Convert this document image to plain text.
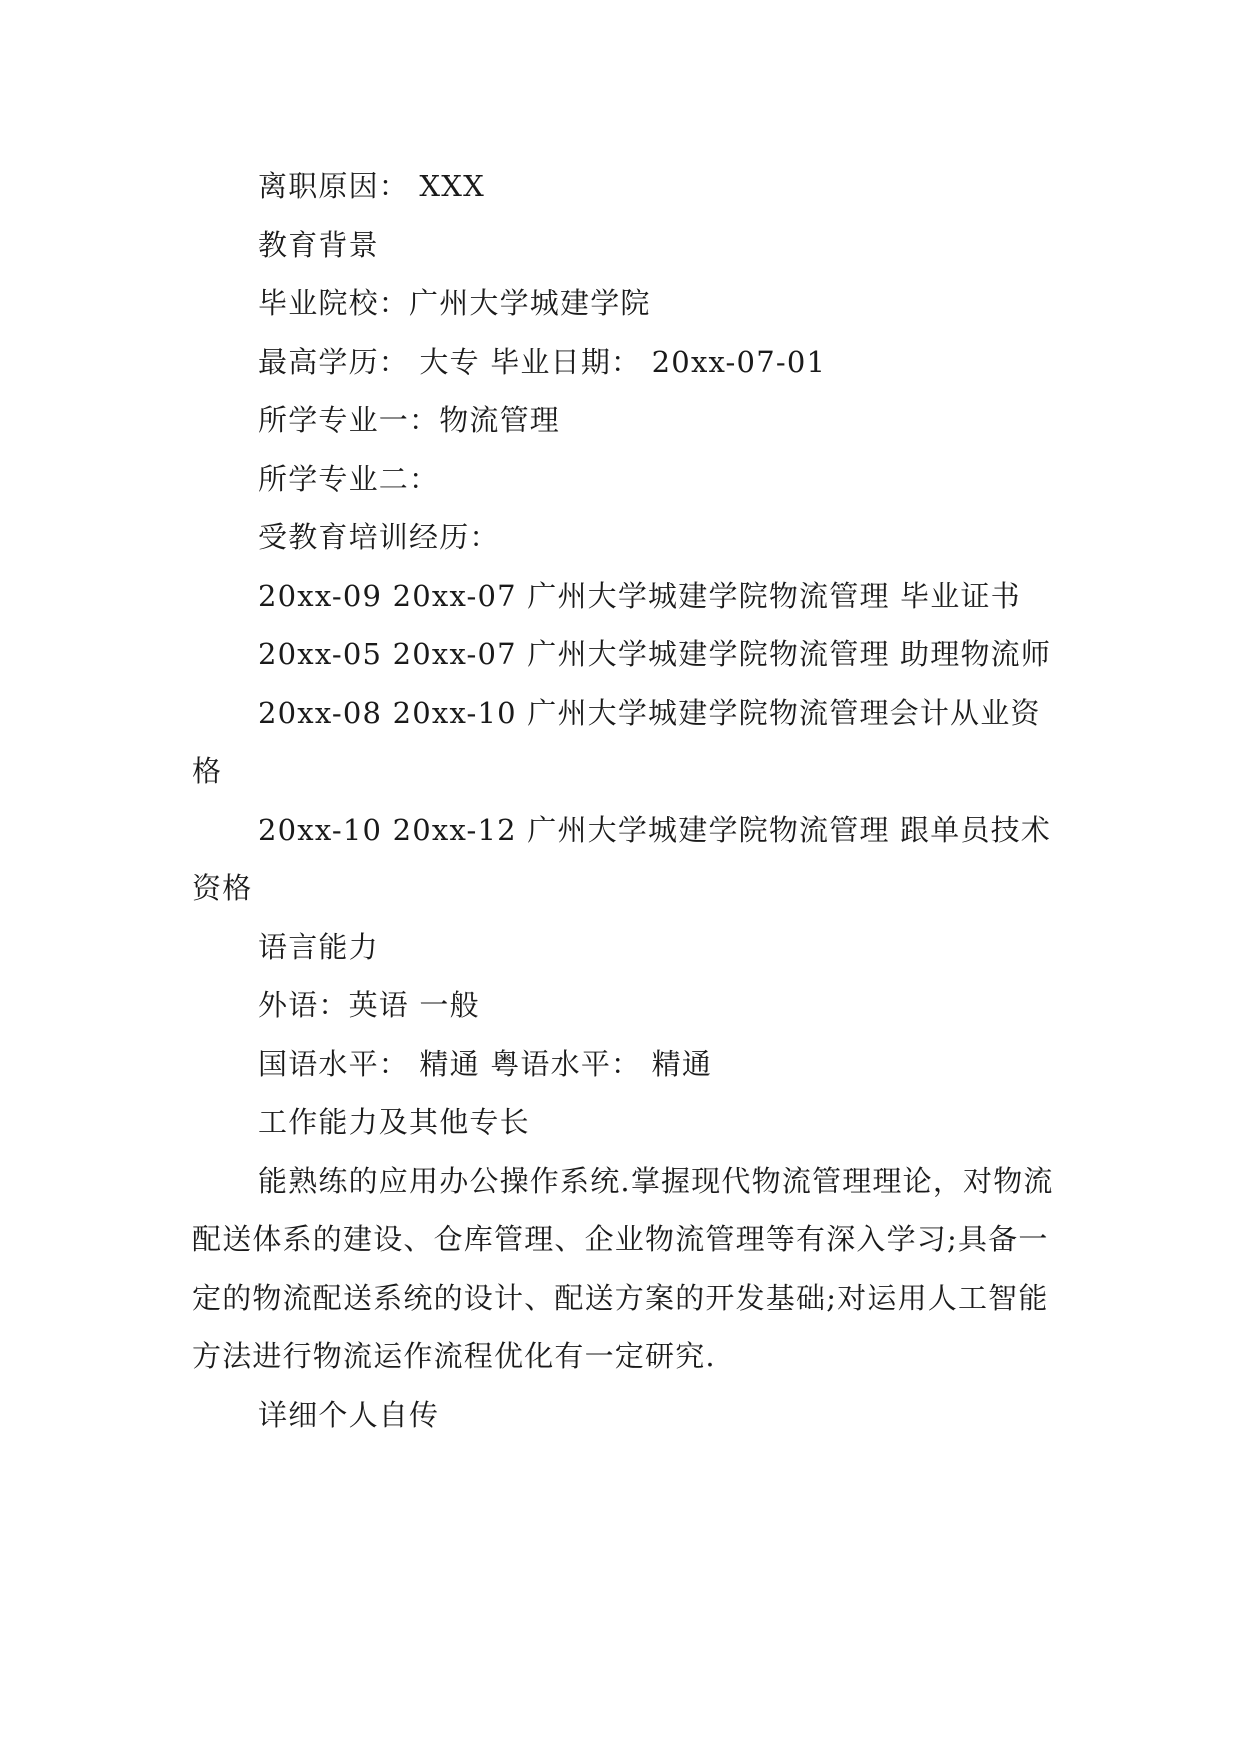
离职原因： XXX

教育背景

毕业院校：广州大学城建学院

最高学历： 大专 毕业日期： 20xx-07-01

所学专业一：物流管理

所学专业二：

受教育培训经历：

20xx-09 20xx-07 广州大学城建学院物流管理 毕业证书

20xx-05 20xx-07 广州大学城建学院物流管理 助理物流师

20xx-08 20xx-10 广州大学城建学院物流管理会计从业资格

20xx-10 20xx-12 广州大学城建学院物流管理 跟单员技术资格

语言能力

外语：英语 一般

国语水平： 精通 粤语水平： 精通

工作能力及其他专长

能熟练的应用办公操作系统.掌握现代物流管理理论，对物流配送体系的建设、仓库管理、企业物流管理等有深入学习;具备一定的物流配送系统的设计、配送方案的开发基础;对运用人工智能方法进行物流运作流程优化有一定研究.

详细个人自传
